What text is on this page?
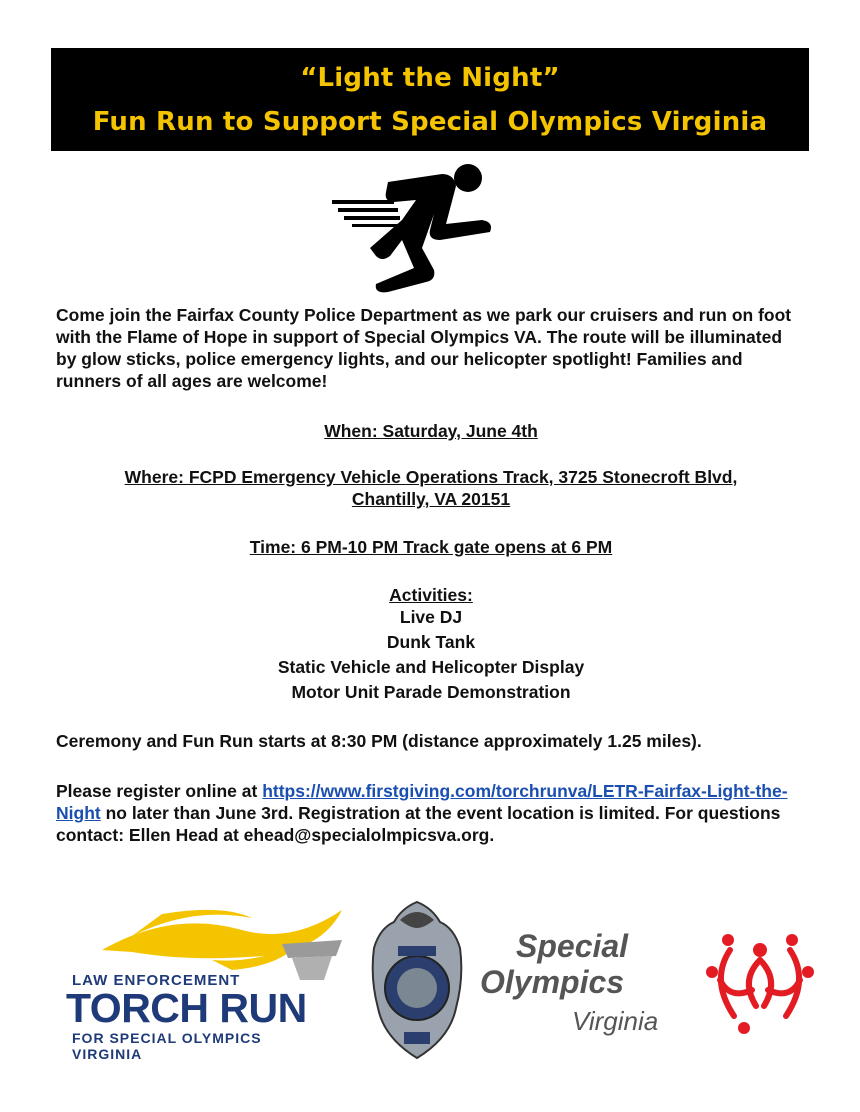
“Light the Night”
Fun Run to Support Special Olympics Virginia

Come join the Fairfax County Police Department as we park our cruisers and run on foot with the Flame of Hope in support of Special Olympics VA. The route will be illuminated by glow sticks, police emergency lights, and our helicopter spotlight! Families and runners of all ages are welcome!

When: Saturday, June 4th
Where: FCPD Emergency Vehicle Operations Track, 3725 Stonecroft Blvd,
Chantilly, VA 20151
Time: 6 PM-10 PM Track gate opens at 6 PM
Activities:
Live DJ
Dunk Tank
Static Vehicle and Helicopter Display
Motor Unit Parade Demonstration

Ceremony and Fun Run starts at 8:30 PM (distance approximately 1.25 miles).

Please register online at https://www.firstgiving.com/torchrunva/LETR-Fairfax-Light-the-Night no later than June 3rd. Registration at the event location is limited. For questions contact: Ellen Head at ehead@specialolmpicsva.org.

LAW ENFORCEMENT
TORCH RUN
FOR SPECIAL OLYMPICS
VIRGINIA
Special
Olympics
Virginia
